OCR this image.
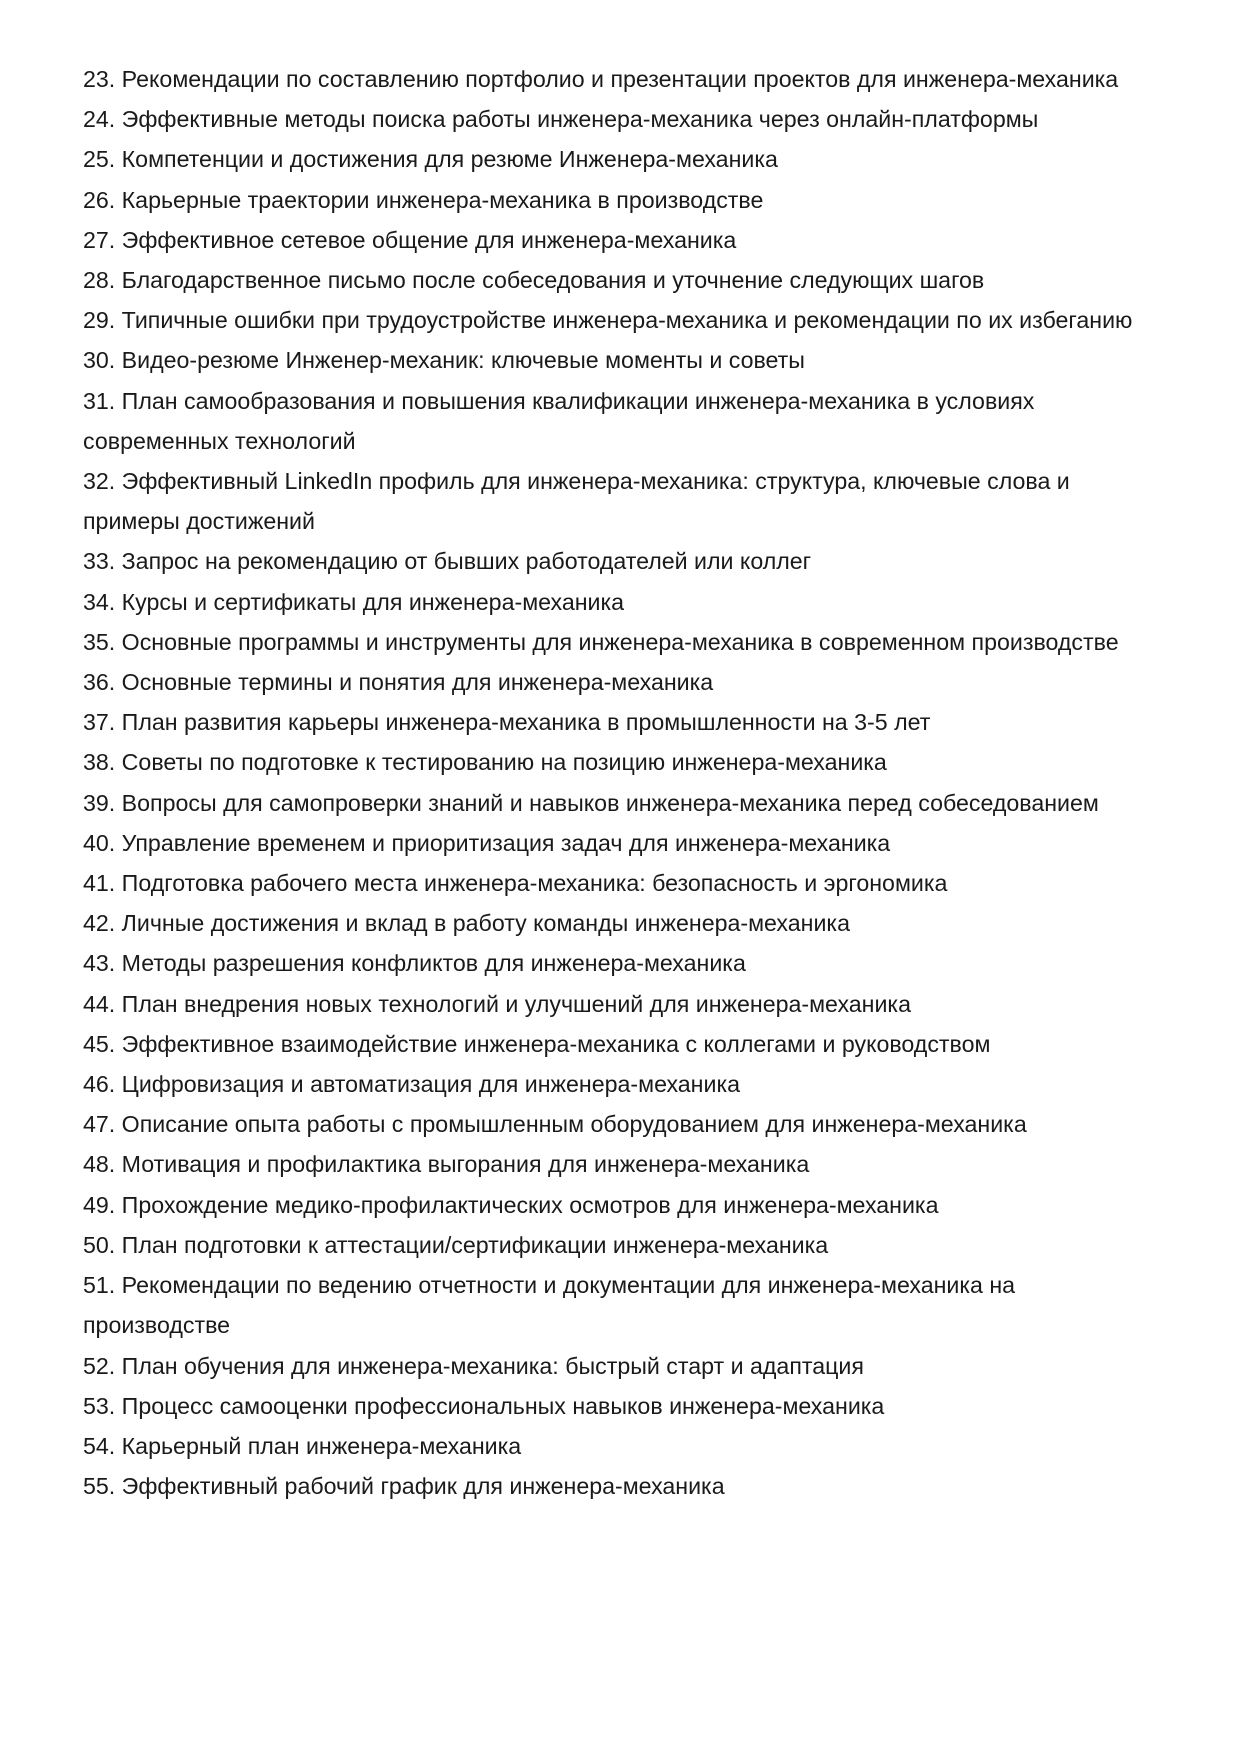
23. Рекомендации по составлению портфолио и презентации проектов для инженера-механика
24. Эффективные методы поиска работы инженера-механика через онлайн-платформы
25. Компетенции и достижения для резюме Инженера-механика
26. Карьерные траектории инженера-механика в производстве
27. Эффективное сетевое общение для инженера-механика
28. Благодарственное письмо после собеседования и уточнение следующих шагов
29. Типичные ошибки при трудоустройстве инженера-механика и рекомендации по их избеганию
30. Видео-резюме Инженер-механик: ключевые моменты и советы
31. План самообразования и повышения квалификации инженера-механика в условиях современных технологий
32. Эффективный LinkedIn профиль для инженера-механика: структура, ключевые слова и примеры достижений
33. Запрос на рекомендацию от бывших работодателей или коллег
34. Курсы и сертификаты для инженера-механика
35. Основные программы и инструменты для инженера-механика в современном производстве
36. Основные термины и понятия для инженера-механика
37. План развития карьеры инженера-механика в промышленности на 3-5 лет
38. Советы по подготовке к тестированию на позицию инженера-механика
39. Вопросы для самопроверки знаний и навыков инженера-механика перед собеседованием
40. Управление временем и приоритизация задач для инженера-механика
41. Подготовка рабочего места инженера-механика: безопасность и эргономика
42. Личные достижения и вклад в работу команды инженера-механика
43. Методы разрешения конфликтов для инженера-механика
44. План внедрения новых технологий и улучшений для инженера-механика
45. Эффективное взаимодействие инженера-механика с коллегами и руководством
46. Цифровизация и автоматизация для инженера-механика
47. Описание опыта работы с промышленным оборудованием для инженера-механика
48. Мотивация и профилактика выгорания для инженера-механика
49. Прохождение медико-профилактических осмотров для инженера-механика
50. План подготовки к аттестации/сертификации инженера-механика
51. Рекомендации по ведению отчетности и документации для инженера-механика на производстве
52. План обучения для инженера-механика: быстрый старт и адаптация
53. Процесс самооценки профессиональных навыков инженера-механика
54. Карьерный план инженера-механика
55. Эффективный рабочий график для инженера-механика
